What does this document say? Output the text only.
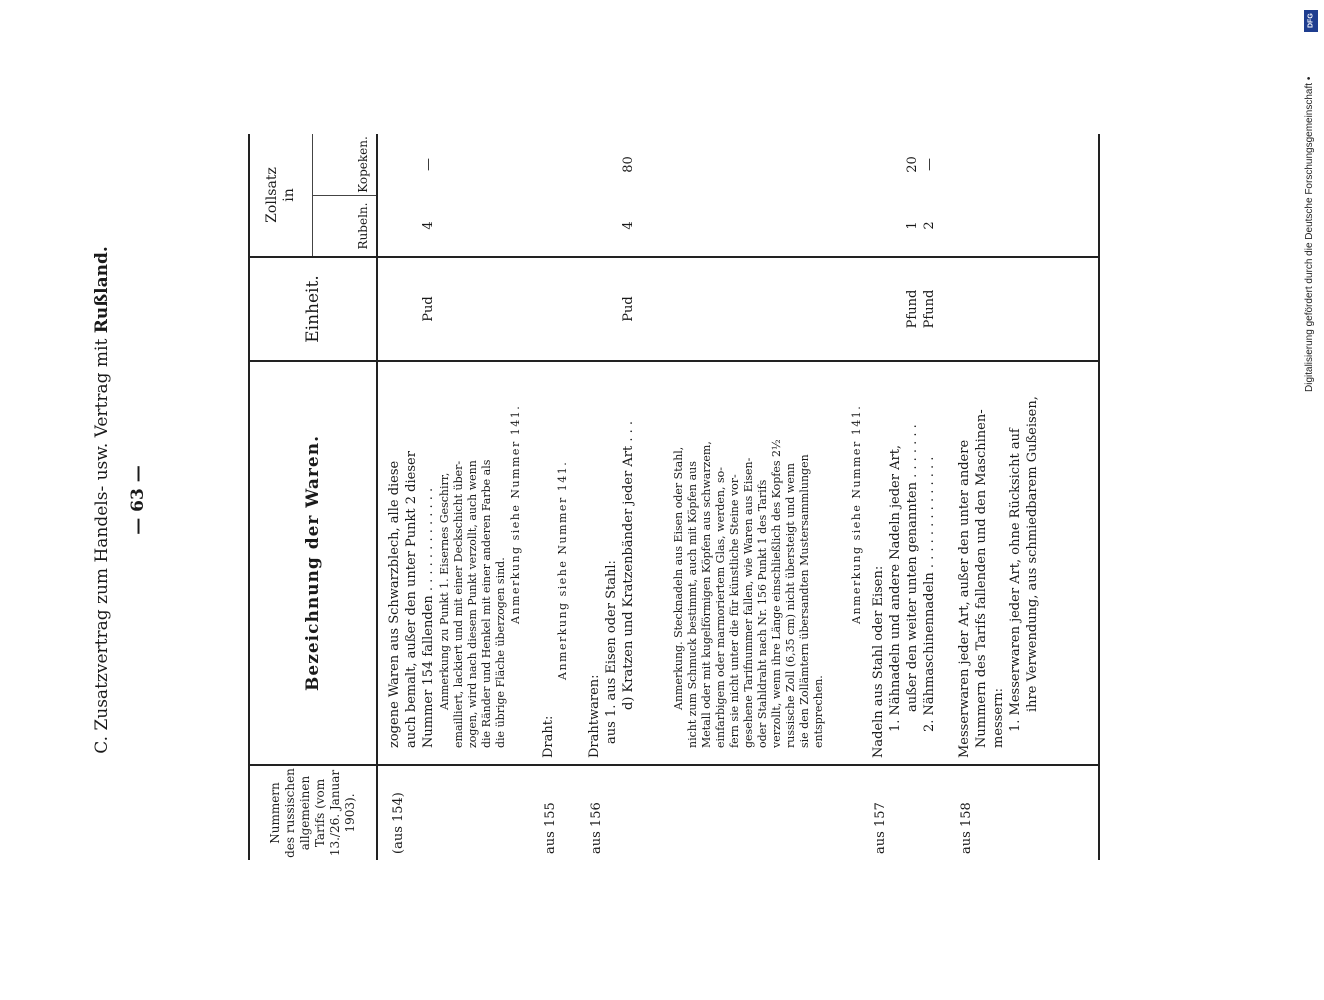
C. Zusatzvertrag zum Handels- usw. Vertrag mit Rußland.
— 63 —
Nummern des russischen allgemeinen Tarifs (vom 13./26. Januar 1903).
Bezeichnung der Waren.
Einheit.
Zollsatz in
Rubeln.
Kopeken.
(aus 154)
zogene Waren aus Schwarzblech, alle diese auch bemalt, außer den unter Punkt 2 dieser Nummer 154 fallenden . . . . . . . . . . . . .
Pud
4
—
Anmerkung zu Punkt 1. Eisernes Geschirr, emailliert, lackiert und mit einer Deckschicht über- zogen, wird nach diesem Punkt verzollt, auch wenn die Ränder und Henkel mit einer anderen Farbe als die übrige Fläche überzogen sind.
Anmerkung siehe Nummer 141.
aus 155
Draht:
Anmerkung siehe Nummer 141.
aus 156
Drahtwaren: aus 1. aus Eisen oder Stahl: d) Kratzen und Kratzenbänder jeder Art . . .
Pud
4
80
Anmerkung. Stecknadeln aus Eisen oder Stahl, nicht zum Schmuck bestimmt, auch mit Köpfen aus Metall oder mit kugelförmigen Köpfen aus schwarzem, einfarbigem oder marmoriertem Glas, werden, so- fern sie nicht unter die für künstliche Steine vor- gesehene Tarifnummer fallen, wie Waren aus Eisen- oder Stahldraht nach Nr. 156 Punkt 1 des Tarifs verzollt, wenn ihre Länge einschließlich des Kopfes 2½ russische Zoll (6,35 cm) nicht übersteigt und wenn sie den Zollämtern übersandten Mustersammlungen entsprechen.
Anmerkung siehe Nummer 141.
aus 157
Nadeln aus Stahl oder Eisen: 1. Nähnadeln und andere Nadeln jeder Art, außer den weiter unten genannten . . . . . . . 2. Nähmaschinennadeln . . . . . . . . . . . . . .
Pfund Pfund
1 2
20 —
aus 158
Messerwaren jeder Art, außer den unter andere Nummern des Tarifs fallenden und den Maschinen- messern: 1. Messerwaren jeder Art, ohne Rücksicht auf ihre Verwendung, aus schmiedbarem Gußeisen,
DFG
Digitalisierung gefördert durch die Deutsche Forschungsgemeinschaft •
